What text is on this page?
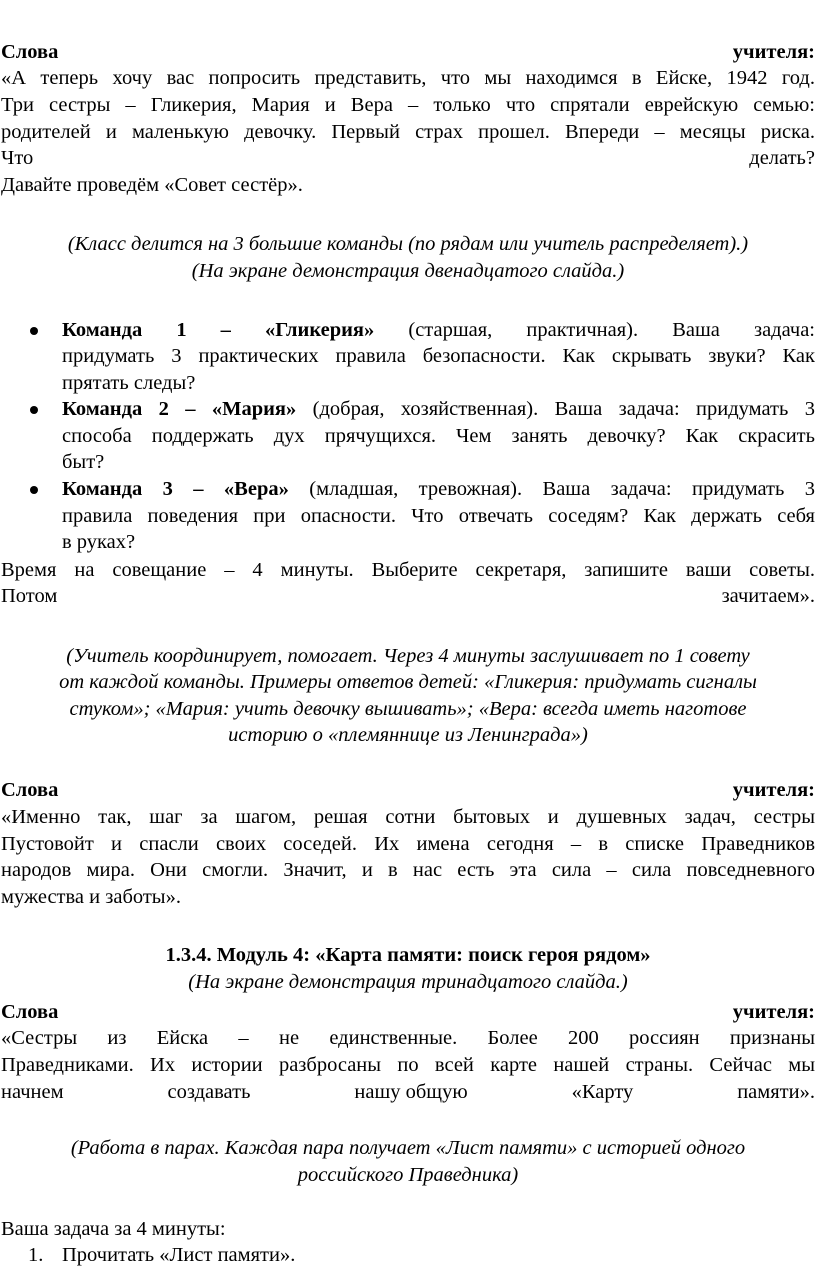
Слова	учителя:
«А теперь хочу вас попросить представить, что мы находимся в Ейске, 1942 год.
Три сестры – Гликерия, Мария и Вера – только что спрятали еврейскую семью:
родителей и маленькую девочку. Первый страх прошел. Впереди – месяцы риска.
Что	делать?
Давайте проведём «Совет сестёр».
(Класс делится на 3 большие команды (по рядам или учитель распределяет).)
(На экране демонстрация двенадцатого слайда.)
Команда 1 – «Гликерия» (старшая, практичная). Ваша задача:
придумать 3 практических правила безопасности. Как скрывать звуки? Как
прятать следы?
Команда 2 – «Мария» (добрая, хозяйственная). Ваша задача: придумать 3
способа поддержать дух прячущихся. Чем занять девочку? Как скрасить
быт?
Команда 3 – «Вера» (младшая, тревожная). Ваша задача: придумать 3
правила поведения при опасности. Что отвечать соседям? Как держать себя
в руках?
Время на совещание – 4 минуты. Выберите секретаря, запишите ваши советы.
Потом	зачитаем».
(Учитель координирует, помогает. Через 4 минуты заслушивает по 1 совету
от каждой команды. Примеры ответов детей: «Гликерия: придумать сигналы
стуком»; «Мария: учить девочку вышивать»; «Вера: всегда иметь наготове
историю о «племяннице из Ленинграда»)
Слова	учителя:
«Именно так, шаг за шагом, решая сотни бытовых и душевных задач, сестры
Пустовойт и спасли своих соседей. Их имена сегодня – в списке Праведников
народов мира. Они смогли. Значит, и в нас есть эта сила – сила повседневного
мужества и заботы».
1.3.4. Модуль 4: «Карта памяти: поиск героя рядом»
(На экране демонстрация тринадцатого слайда.)
Слова	учителя:
«Сестры из Ейска – не единственные. Более 200 россиян признаны
Праведниками. Их истории разбросаны по всей карте нашей страны. Сейчас мы
начнем	создавать	нашу общую	«Карту	памяти».
(Работа в парах. Каждая пара получает «Лист памяти» с историей одного
российского Праведника)
Ваша задача за 4 минуты:
1. Прочитать «Лист памяти».
